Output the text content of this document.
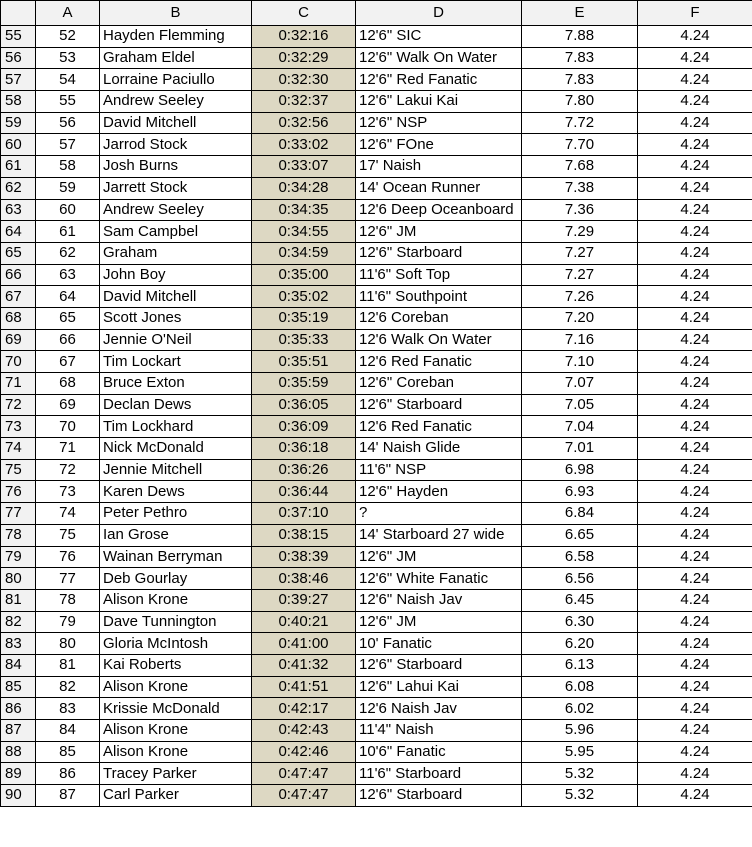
	A	B	C	D	E	F
55	52	Hayden Flemming	0:32:16	12'6" SIC	7.88	4.24
56	53	Graham Eldel	0:32:29	12'6" Walk On Water	7.83	4.24
57	54	Lorraine Paciullo	0:32:30	12'6" Red Fanatic	7.83	4.24
58	55	Andrew Seeley	0:32:37	12'6" Lakui Kai	7.80	4.24
59	56	David Mitchell	0:32:56	12'6" NSP	7.72	4.24
60	57	Jarrod Stock	0:33:02	12'6" FOne	7.70	4.24
61	58	Josh Burns	0:33:07	17' Naish	7.68	4.24
62	59	Jarrett Stock	0:34:28	14' Ocean Runner	7.38	4.24
63	60	Andrew Seeley	0:34:35	12'6 Deep Oceanboard	7.36	4.24
64	61	Sam Campbel	0:34:55	12'6" JM	7.29	4.24
65	62	Graham	0:34:59	12'6" Starboard	7.27	4.24
66	63	John Boy	0:35:00	11'6" Soft Top	7.27	4.24
67	64	David Mitchell	0:35:02	11'6" Southpoint	7.26	4.24
68	65	Scott Jones	0:35:19	12'6 Coreban	7.20	4.24
69	66	Jennie O'Neil	0:35:33	12'6 Walk On Water	7.16	4.24
70	67	Tim Lockart	0:35:51	12'6 Red Fanatic	7.10	4.24
71	68	Bruce Exton	0:35:59	12'6" Coreban	7.07	4.24
72	69	Declan Dews	0:36:05	12'6" Starboard	7.05	4.24
73	70	Tim Lockhard	0:36:09	12'6 Red Fanatic	7.04	4.24
74	71	Nick McDonald	0:36:18	14' Naish Glide	7.01	4.24
75	72	Jennie Mitchell	0:36:26	11'6" NSP	6.98	4.24
76	73	Karen Dews	0:36:44	12'6" Hayden	6.93	4.24
77	74	Peter Pethro	0:37:10	?	6.84	4.24
78	75	Ian Grose	0:38:15	14' Starboard 27 wide	6.65	4.24
79	76	Wainan Berryman	0:38:39	12'6" JM	6.58	4.24
80	77	Deb Gourlay	0:38:46	12'6" White Fanatic	6.56	4.24
81	78	Alison Krone	0:39:27	12'6" Naish Jav	6.45	4.24
82	79	Dave Tunnington	0:40:21	12'6" JM	6.30	4.24
83	80	Gloria McIntosh	0:41:00	10' Fanatic	6.20	4.24
84	81	Kai Roberts	0:41:32	12'6" Starboard	6.13	4.24
85	82	Alison Krone	0:41:51	12'6" Lahui Kai	6.08	4.24
86	83	Krissie McDonald	0:42:17	12'6 Naish Jav	6.02	4.24
87	84	Alison Krone	0:42:43	11'4" Naish	5.96	4.24
88	85	Alison Krone	0:42:46	10'6" Fanatic	5.95	4.24
89	86	Tracey Parker	0:47:47	11'6" Starboard	5.32	4.24
90	87	Carl Parker	0:47:47	12'6" Starboard	5.32	4.24
